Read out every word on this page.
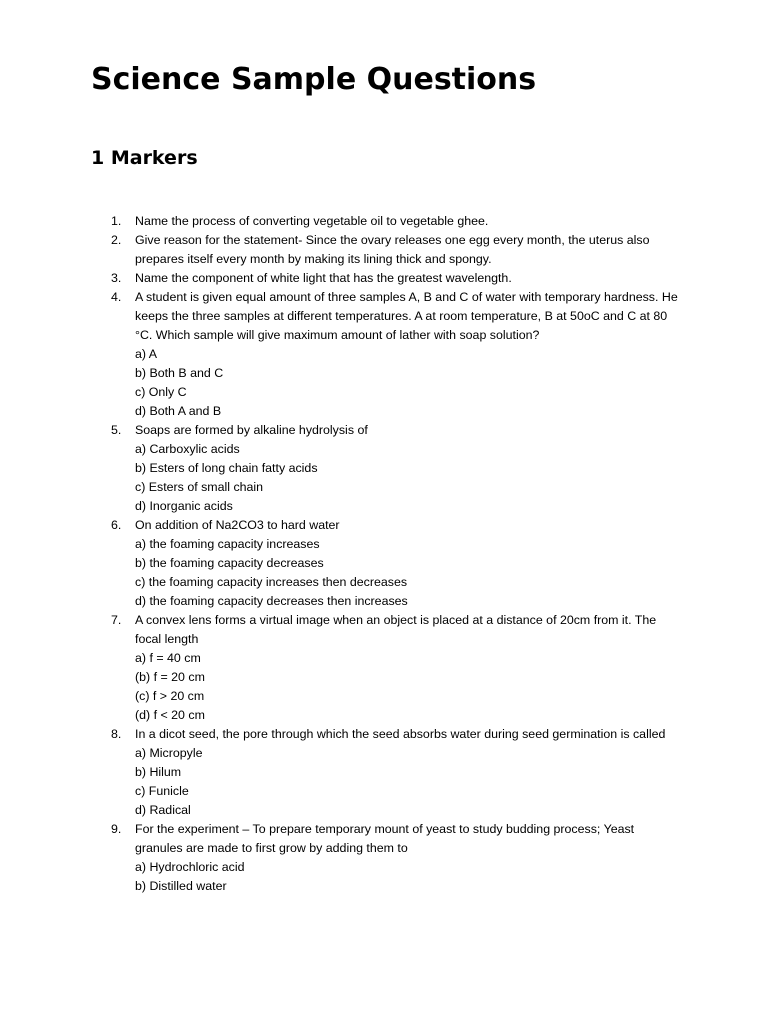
Science Sample Questions
1 Markers
1. Name the process of converting vegetable oil to vegetable ghee.
2. Give reason for the statement- Since the ovary releases one egg every month, the uterus also prepares itself every month by making its lining thick and spongy.
3. Name the component of white light that has the greatest wavelength.
4. A student is given equal amount of three samples A, B and C of water with temporary hardness. He keeps the three samples at different temperatures. A at room temperature, B at 50oC and C at 80 °C. Which sample will give maximum amount of lather with soap solution?
a) A
b) Both B and C
c) Only C
d) Both A and B
5. Soaps are formed by alkaline hydrolysis of
a) Carboxylic acids
b) Esters of long chain fatty acids
c) Esters of small chain
d) Inorganic acids
6. On addition of Na2CO3 to hard water
a) the foaming capacity increases
b) the foaming capacity decreases
c) the foaming capacity increases then decreases
d) the foaming capacity decreases then increases
7. A convex lens forms a virtual image when an object is placed at a distance of 20cm from it. The focal length
a) f = 40 cm
(b) f = 20 cm
(c) f > 20 cm
(d) f < 20 cm
8. In a dicot seed, the pore through which the seed absorbs water during seed germination is called
a) Micropyle
b) Hilum
c) Funicle
d) Radical
9. For the experiment – To prepare temporary mount of yeast to study budding process; Yeast granules are made to first grow by adding them to
a) Hydrochloric acid
b) Distilled water
